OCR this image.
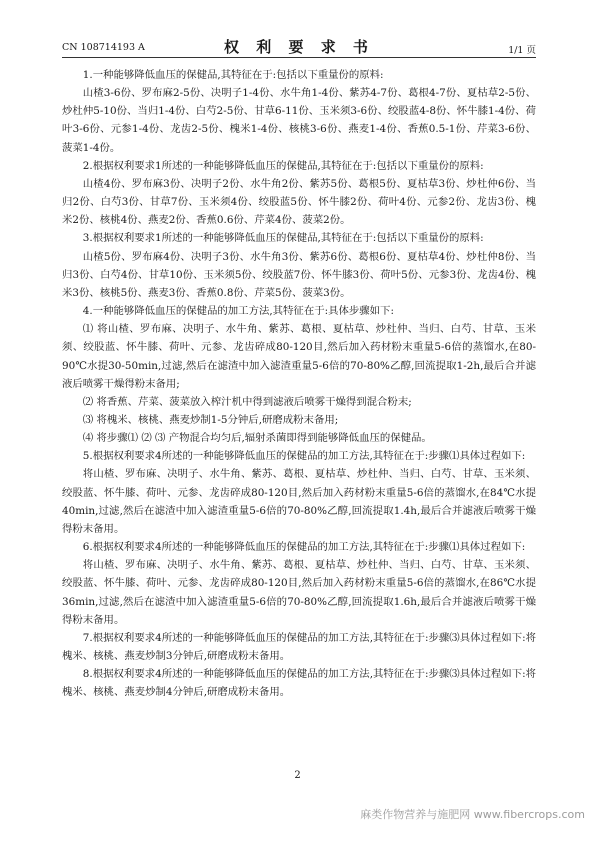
CN 108714193 A	权 利 要 求 书	1/1 页

1.一种能够降低血压的保健品,其特征在于:包括以下重量份的原料:

山楂3-6份、罗布麻2-5份、决明子1-4份、水牛角1-4份、紫苏4-7份、葛根4-7份、夏枯草2-5份、炒杜仲5-10份、当归1-4份、白芍2-5份、甘草6-11份、玉米须3-6份、绞股蓝4-8份、怀牛膝1-4份、荷叶3-6份、元参1-4份、龙齿2-5份、槐米1-4份、核桃3-6份、燕麦1-4份、香蕉0.5-1份、芹菜3-6份、菠菜1-4份。

2.根据权利要求1所述的一种能够降低血压的保健品,其特征在于:包括以下重量份的原料:

山楂4份、罗布麻3份、决明子2份、水牛角2份、紫苏5份、葛根5份、夏枯草3份、炒杜仲6份、当归2份、白芍3份、甘草7份、玉米须4份、绞股蓝5份、怀牛膝2份、荷叶4份、元参2份、龙齿3份、槐米2份、核桃4份、燕麦2份、香蕉0.6份、芹菜4份、菠菜2份。

3.根据权利要求1所述的一种能够降低血压的保健品,其特征在于:包括以下重量份的原料:

山楂5份、罗布麻4份、决明子3份、水牛角3份、紫苏6份、葛根6份、夏枯草4份、炒杜仲8份、当归3份、白芍4份、甘草10份、玉米须5份、绞股蓝7份、怀牛膝3份、荷叶5份、元参3份、龙齿4份、槐米3份、核桃5份、燕麦3份、香蕉0.8份、芹菜5份、菠菜3份。

4.一种能够降低血压的保健品的加工方法,其特征在于:具体步骤如下:

⑴ 将山楂、罗布麻、决明子、水牛角、紫苏、葛根、夏枯草、炒杜仲、当归、白芍、甘草、玉米须、绞股蓝、怀牛膝、荷叶、元参、龙齿碎成80-120目,然后加入药材粉末重量5-6倍的蒸馏水,在80-90℃水提30-50min,过滤,然后在滤渣中加入滤渣重量5-6倍的70-80%乙醇,回流提取1-2h,最后合并滤液后喷雾干燥得粉末备用;

⑵ 将香蕉、芹菜、菠菜放入榨汁机中得到滤液后喷雾干燥得到混合粉末;

⑶ 将槐米、核桃、燕麦炒制1-5分钟后,研磨成粉末备用;

⑷ 将步骤⑴ ⑵ ⑶ 产物混合均匀后,辐射杀菌即得到能够降低血压的保健品。

5.根据权利要求4所述的一种能够降低血压的保健品的加工方法,其特征在于:步骤⑴具体过程如下:

将山楂、罗布麻、决明子、水牛角、紫苏、葛根、夏枯草、炒杜仲、当归、白芍、甘草、玉米须、绞股蓝、怀牛膝、荷叶、元参、龙齿碎成80-120目,然后加入药材粉末重量5-6倍的蒸馏水,在84℃水提40min,过滤,然后在滤渣中加入滤渣重量5-6倍的70-80%乙醇,回流提取1.4h,最后合并滤液后喷雾干燥得粉末备用。

6.根据权利要求4所述的一种能够降低血压的保健品的加工方法,其特征在于:步骤⑴具体过程如下:

将山楂、罗布麻、决明子、水牛角、紫苏、葛根、夏枯草、炒杜仲、当归、白芍、甘草、玉米须、绞股蓝、怀牛膝、荷叶、元参、龙齿碎成80-120目,然后加入药材粉末重量5-6倍的蒸馏水,在86℃水提36min,过滤,然后在滤渣中加入滤渣重量5-6倍的70-80%乙醇,回流提取1.6h,最后合并滤液后喷雾干燥得粉末备用。

7.根据权利要求4所述的一种能够降低血压的保健品的加工方法,其特征在于:步骤⑶具体过程如下:将槐米、核桃、燕麦炒制3分钟后,研磨成粉末备用。

8.根据权利要求4所述的一种能够降低血压的保健品的加工方法,其特征在于:步骤⑶具体过程如下:将槐米、核桃、燕麦炒制4分钟后,研磨成粉末备用。

2
麻类作物营养与施肥网 www.fibercrops.com
